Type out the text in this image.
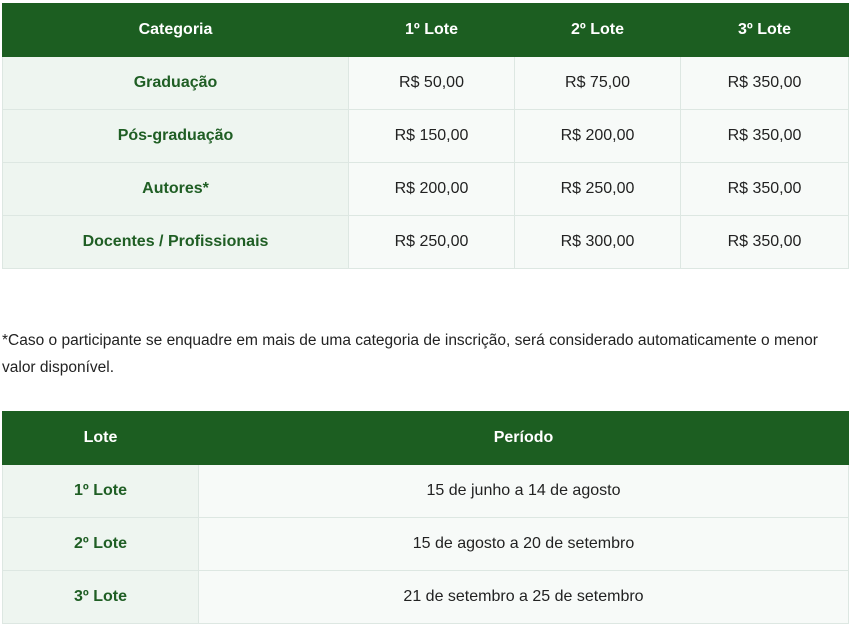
Categoria	1º Lote	2º Lote	3º Lote
Graduação	R$ 50,00	R$ 75,00	R$ 350,00
Pós-graduação	R$ 150,00	R$ 200,00	R$ 350,00
Autores*	R$ 200,00	R$ 250,00	R$ 350,00
Docentes / Profissionais	R$ 250,00	R$ 300,00	R$ 350,00

*Caso o participante se enquadre em mais de uma categoria de inscrição, será considerado automaticamente o menor valor disponível.

Lote	Período
1º Lote	15 de junho a 14 de agosto
2º Lote	15 de agosto a 20 de setembro
3º Lote	21 de setembro a 25 de setembro
